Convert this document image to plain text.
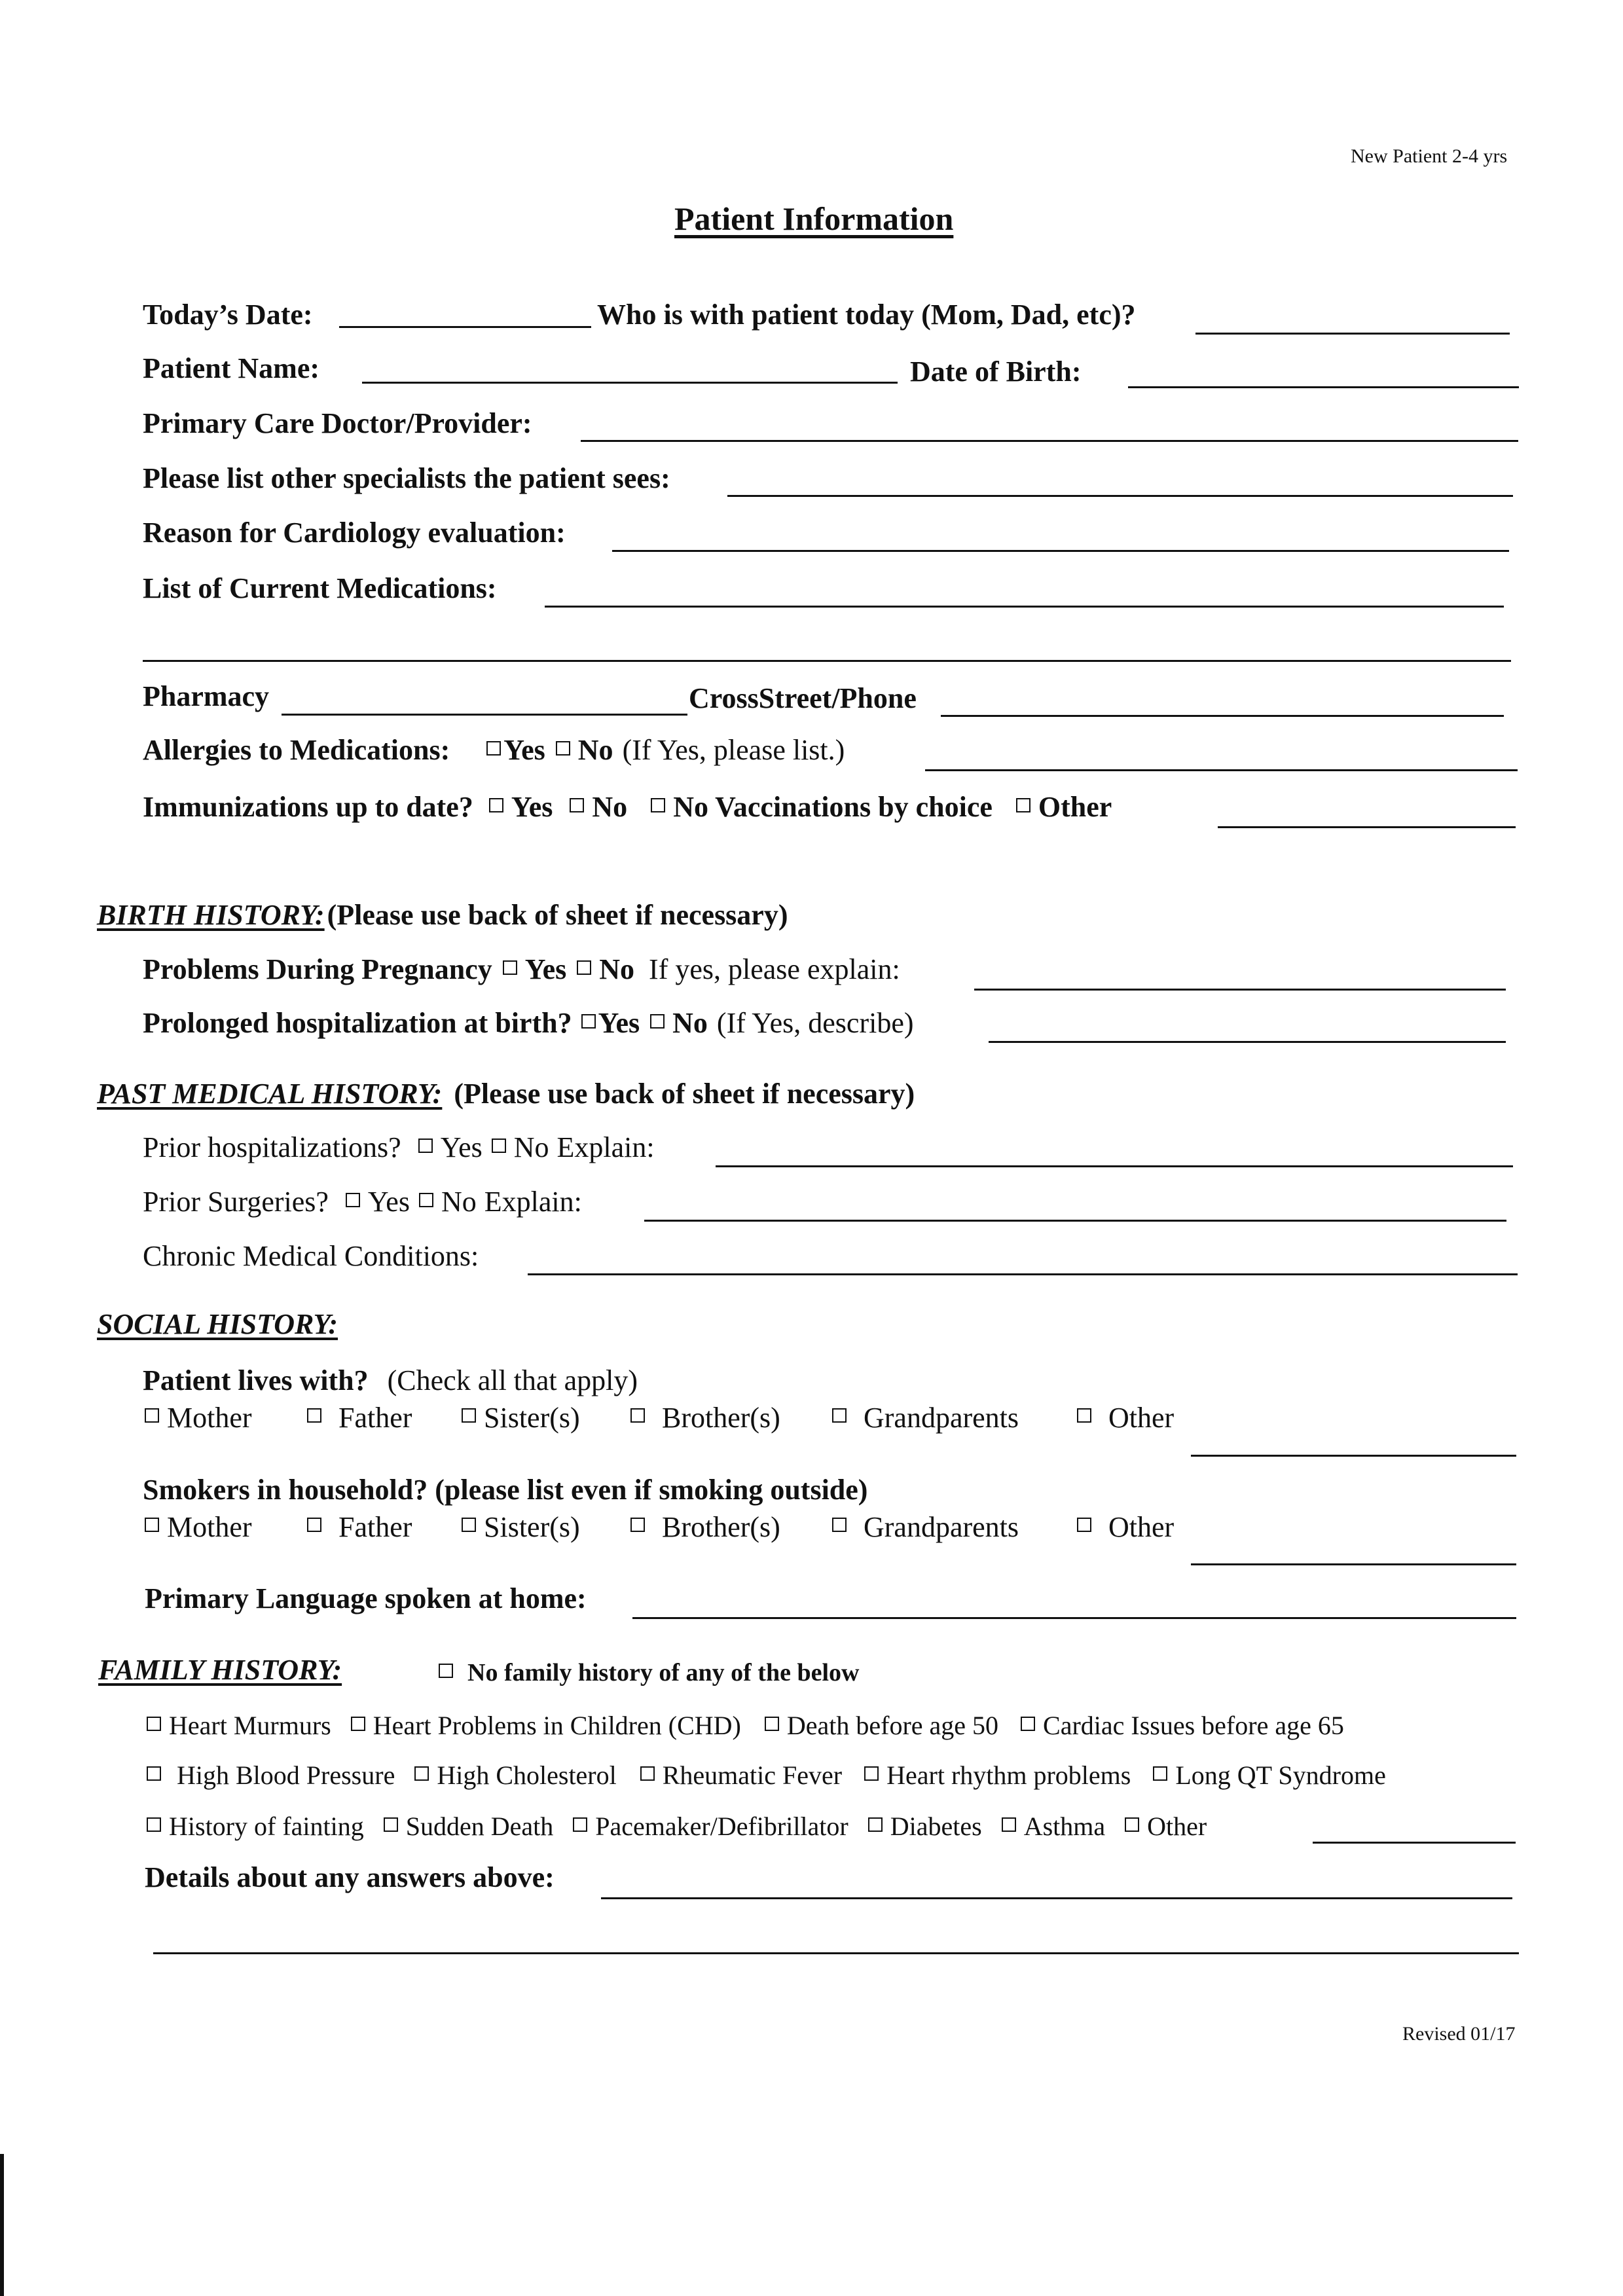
New Patient 2-4 yrs
Patient Information
Today’s Date:	Who is with patient today (Mom, Dad, etc)?
Patient Name:	Date of Birth:
Primary Care Doctor/Provider:
Please list other specialists the patient sees:
Reason for Cardiology evaluation:
List of Current Medications:
Pharmacy	CrossStreet/Phone
Allergies to Medications: Yes No (If Yes, please list.)
Immunizations up to date? Yes No No Vaccinations by choice Other
BIRTH HISTORY: (Please use back of sheet if necessary)
Problems During Pregnancy Yes No If yes, please explain:
Prolonged hospitalization at birth? Yes No (If Yes, describe)
PAST MEDICAL HISTORY: (Please use back of sheet if necessary)
Prior hospitalizations? Yes No Explain:
Prior Surgeries? Yes No Explain:
Chronic Medical Conditions:
SOCIAL HISTORY:
Patient lives with? (Check all that apply)
Mother	Father Sister(s)	Brother(s)	Grandparents	Other
Smokers in household? (please list even if smoking outside)
Mother	Father Sister(s)	Brother(s)	Grandparents	Other
Primary Language spoken at home:
FAMILY HISTORY:	No family history of any of the below
Heart Murmurs Heart Problems in Children (CHD) Death before age 50 Cardiac Issues before age 65
High Blood Pressure High Cholesterol Rheumatic Fever Heart rhythm problems Long QT Syndrome
History of fainting Sudden Death Pacemaker/Defibrillator Diabetes Asthma Other
Details about any answers above:
Revised 01/17
